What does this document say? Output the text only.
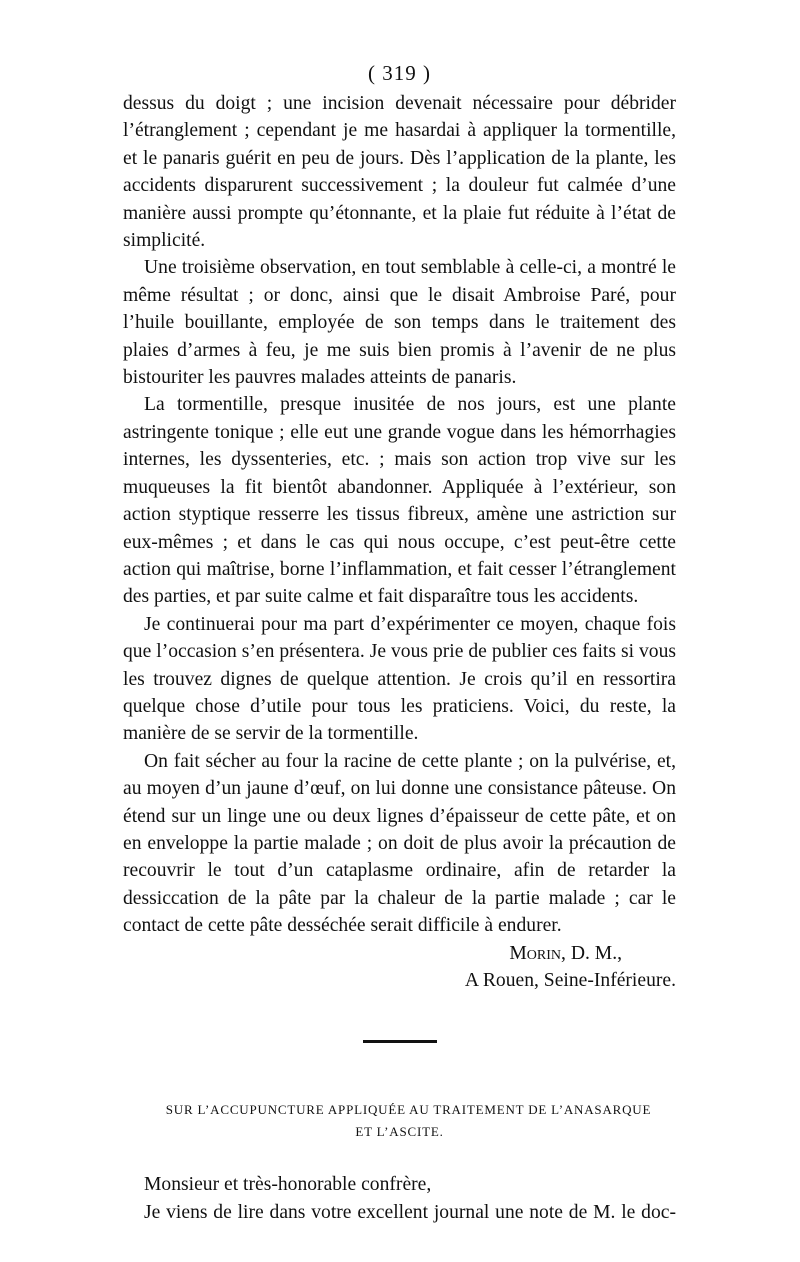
( 319 )

dessus du doigt ; une incision devenait nécessaire pour débrider l’étranglement ; cependant je me hasardai à appliquer la tormentille, et le panaris guérit en peu de jours. Dès l’application de la plante, les accidents disparurent successivement ; la douleur fut calmée d’une manière aussi prompte qu’étonnante, et la plaie fut réduite à l’état de simplicité.

Une troisième observation, en tout semblable à celle-ci, a montré le même résultat ; or donc, ainsi que le disait Ambroise Paré, pour l’huile bouillante, employée de son temps dans le traitement des plaies d’armes à feu, je me suis bien promis à l’avenir de ne plus bistouriter les pauvres malades atteints de panaris.

La tormentille, presque inusitée de nos jours, est une plante astringente tonique ; elle eut une grande vogue dans les hémorrhagies internes, les dyssenteries, etc. ; mais son action trop vive sur les muqueuses la fit bientôt abandonner. Appliquée à l’extérieur, son action styptique resserre les tissus fibreux, amène une astriction sur eux-mêmes ; et dans le cas qui nous occupe, c’est peut-être cette action qui maîtrise, borne l’inflammation, et fait cesser l’étranglement des parties, et par suite calme et fait disparaître tous les accidents.

Je continuerai pour ma part d’expérimenter ce moyen, chaque fois que l’occasion s’en présentera. Je vous prie de publier ces faits si vous les trouvez dignes de quelque attention. Je crois qu’il en ressortira quelque chose d’utile pour tous les praticiens. Voici, du reste, la manière de se servir de la tormentille.

On fait sécher au four la racine de cette plante ; on la pulvérise, et, au moyen d’un jaune d’œuf, on lui donne une consistance pâteuse. On étend sur un linge une ou deux lignes d’épaisseur de cette pâte, et on en enveloppe la partie malade ; on doit de plus avoir la précaution de recouvrir le tout d’un cataplasme ordinaire, afin de retarder la dessiccation de la pâte par la chaleur de la partie malade ; car le contact de cette pâte desséchée serait difficile à endurer.

Morin, D. M.,
A Rouen, Seine-Inférieure.

SUR L’ACCUPUNCTURE APPLIQUÉE AU TRAITEMENT DE L’ANASARQUE

ET L’ASCITE.

Monsieur et très-honorable confrère,

Je viens de lire dans votre excellent journal une note de M. le doc-
